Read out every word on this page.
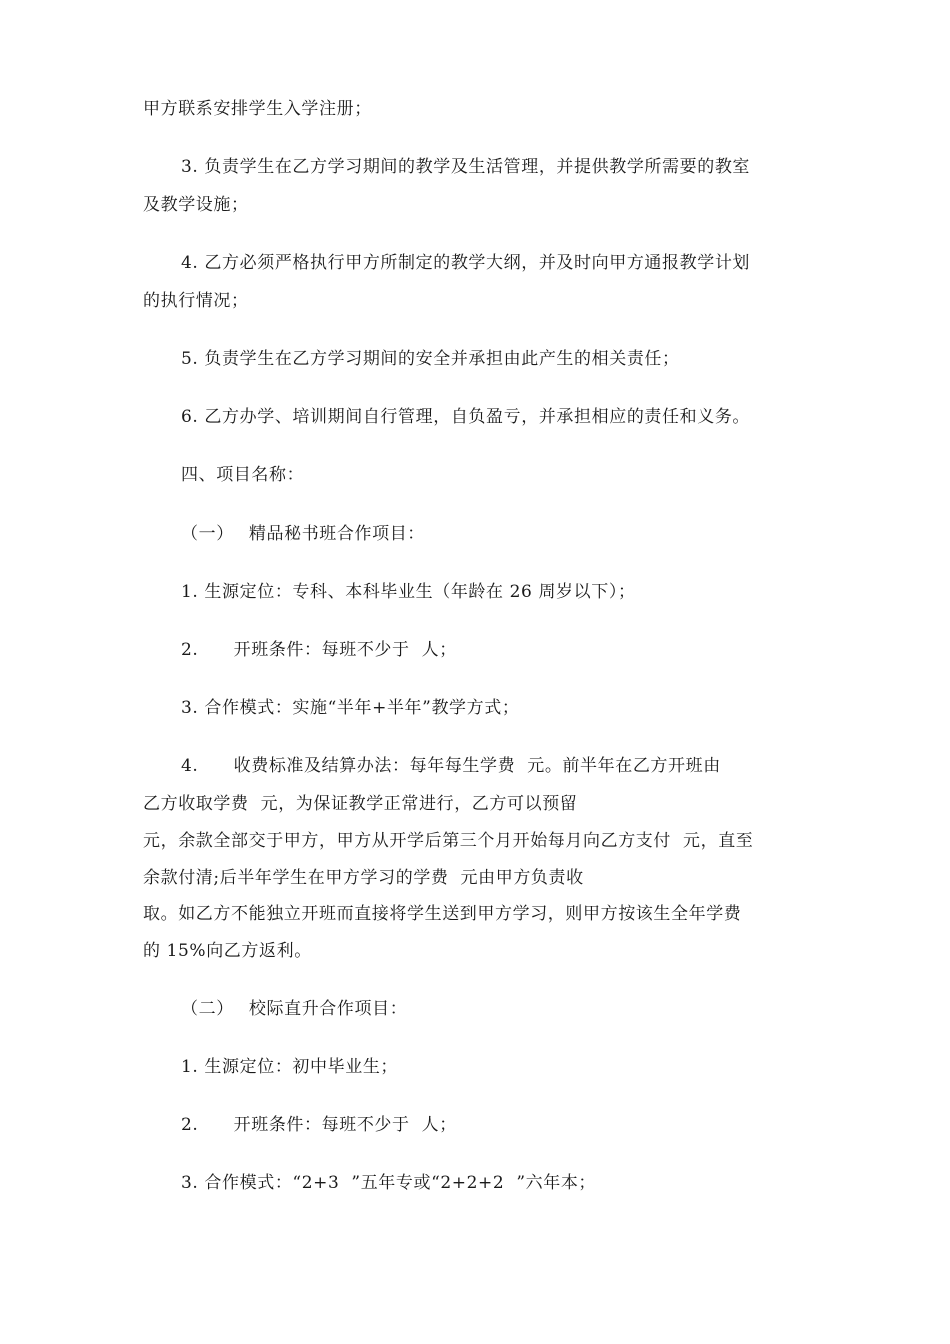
甲方联系安排学生入学注册；
3. 负责学生在乙方学习期间的教学及生活管理，并提供教学所需要的教室
及教学设施；
4. 乙方必须严格执行甲方所制定的教学大纲，并及时向甲方通报教学计划
的执行情况；
5. 负责学生在乙方学习期间的安全并承担由此产生的相关责任；
6. 乙方办学、培训期间自行管理，自负盈亏，并承担相应的责任和义务。
四、项目名称：
（一）　 精品秘书班合作项目：
1. 生源定位：专科、本科毕业生（年龄在 26 周岁以下）；
2.　　开班条件：每班不少于  人；
3. 合作模式：实施“半年+半年”教学方式；
4.　　收费标准及结算办法：每年每生学费  元。前半年在乙方开班由
乙方收取学费  元，为保证教学正常进行，乙方可以预留
元，余款全部交于甲方，甲方从开学后第三个月开始每月向乙方支付  元，直至
余款付清;后半年学生在甲方学习的学费  元由甲方负责收
取。如乙方不能独立开班而直接将学生送到甲方学习，则甲方按该生全年学费
的 15%向乙方返利。
（二）　 校际直升合作项目：
1. 生源定位：初中毕业生；
2.　　开班条件：每班不少于  人；
3. 合作模式：“2+3  ”五年专或“2+2+2  ”六年本；
